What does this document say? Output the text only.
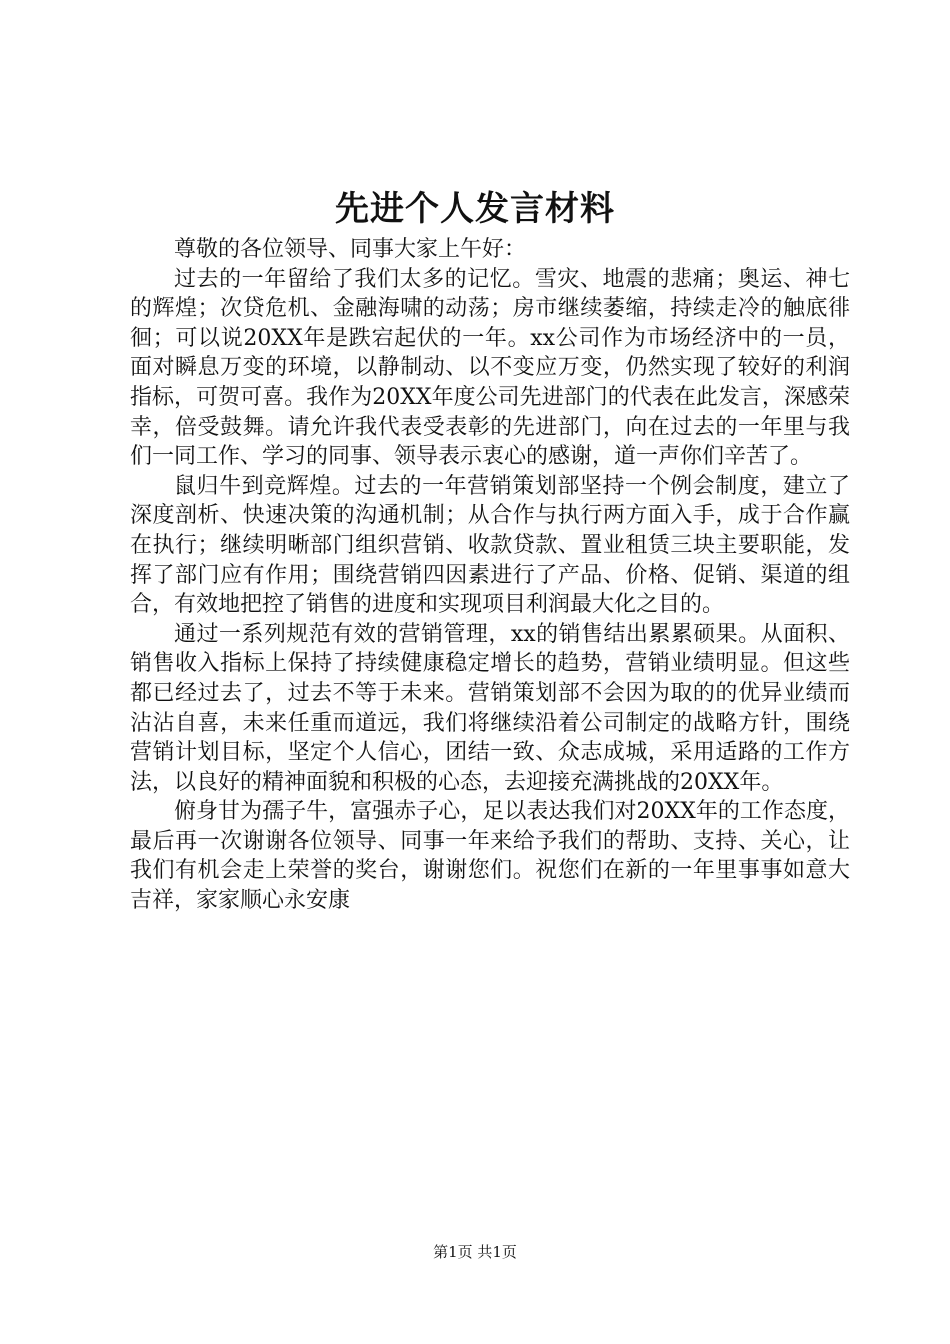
先进个人发言材料

尊敬的各位领导、同事大家上午好：

过去的一年留给了我们太多的记忆。雪灾、地震的悲痛；奥运、神七的辉煌；次贷危机、金融海啸的动荡；房市继续萎缩，持续走冷的触底徘徊；可以说20XX年是跌宕起伏的一年。xx公司作为市场经济中的一员，面对瞬息万变的环境，以静制动、以不变应万变，仍然实现了较好的利润指标，可贺可喜。我作为20XX年度公司先进部门的代表在此发言，深感荣幸，倍受鼓舞。请允许我代表受表彰的先进部门，向在过去的一年里与我们一同工作、学习的同事、领导表示衷心的感谢，道一声你们辛苦了。

鼠归牛到竞辉煌。过去的一年营销策划部坚持一个例会制度，建立了深度剖析、快速决策的沟通机制；从合作与执行两方面入手，成于合作赢在执行；继续明晰部门组织营销、收款贷款、置业租赁三块主要职能，发挥了部门应有作用；围绕营销四因素进行了产品、价格、促销、渠道的组合，有效地把控了销售的进度和实现项目利润最大化之目的。

通过一系列规范有效的营销管理，xx的销售结出累累硕果。从面积、销售收入指标上保持了持续健康稳定增长的趋势，营销业绩明显。但这些都已经过去了，过去不等于未来。营销策划部不会因为取的的优异业绩而沾沾自喜，未来任重而道远，我们将继续沿着公司制定的战略方针，围绕营销计划目标，坚定个人信心，团结一致、众志成城，采用适路的工作方法，以良好的精神面貌和积极的心态，去迎接充满挑战的20XX年。

俯身甘为孺子牛，富强赤子心，足以表达我们对20XX年的工作态度，最后再一次谢谢各位领导、同事一年来给予我们的帮助、支持、关心，让我们有机会走上荣誉的奖台，谢谢您们。祝您们在新的一年里事事如意大吉祥，家家顺心永安康

第1页 共1页
